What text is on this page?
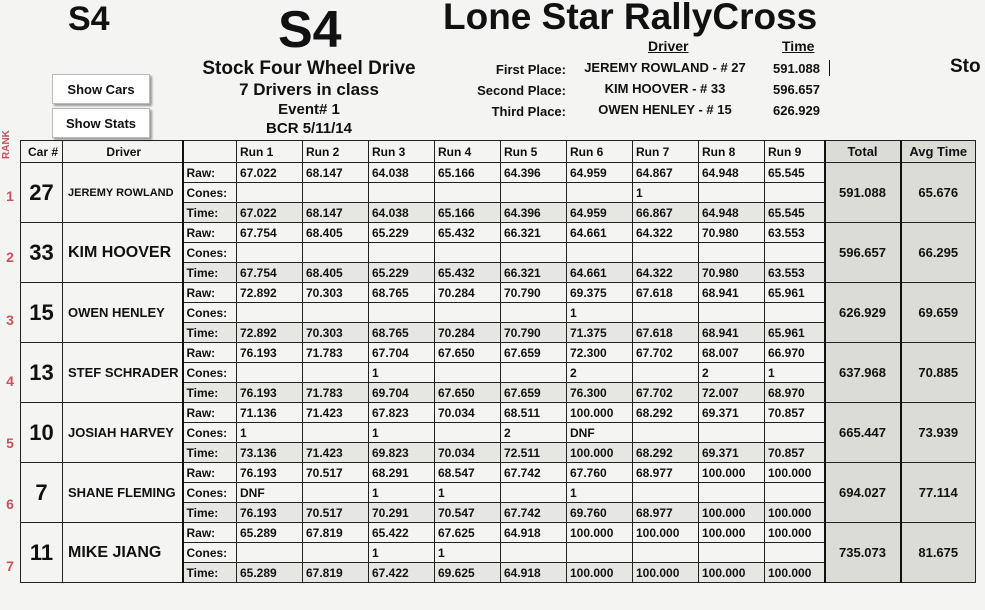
S4	S4	Lone Star RallyCross
Sto
Stock Four Wheel Drive
7 Drivers in class
Event# 1
BCR 5/11/14
Show Cars
Show Stats
Driver	Time
First Place:	JEREMY ROWLAND - # 27	591.088
Second Place:	KIM HOOVER - # 33	596.657
Third Place:	OWEN HENLEY - # 15	626.929
RANK
1
2
3
4
5
6
7
Car #	Driver		Run 1	Run 2	Run 3	Run 4	Run 5	Run 6	Run 7	Run 8	Run 9	Total	Avg Time
27	JEREMY ROWLAND	Raw:	67.022	68.147	64.038	65.166	64.396	64.959	64.867	64.948	65.545	591.088	65.676
		Cones:							1				
		Time:	67.022	68.147	64.038	65.166	64.396	64.959	66.867	64.948	65.545		
33	KIM HOOVER	Raw:	67.754	68.405	65.229	65.432	66.321	64.661	64.322	70.980	63.553	596.657	66.295
		Cones:											
		Time:	67.754	68.405	65.229	65.432	66.321	64.661	64.322	70.980	63.553		
15	OWEN HENLEY	Raw:	72.892	70.303	68.765	70.284	70.790	69.375	67.618	68.941	65.961	626.929	69.659
		Cones:						1					
		Time:	72.892	70.303	68.765	70.284	70.790	71.375	67.618	68.941	65.961		
13	STEF SCHRADER	Raw:	76.193	71.783	67.704	67.650	67.659	72.300	67.702	68.007	66.970	637.968	70.885
		Cones:			1			2		2	1		
		Time:	76.193	71.783	69.704	67.650	67.659	76.300	67.702	72.007	68.970		
10	JOSIAH HARVEY	Raw:	71.136	71.423	67.823	70.034	68.511	100.000	68.292	69.371	70.857	665.447	73.939
		Cones:	1		1		2	DNF					
		Time:	73.136	71.423	69.823	70.034	72.511	100.000	68.292	69.371	70.857		
7	SHANE FLEMING	Raw:	76.193	70.517	68.291	68.547	67.742	67.760	68.977	100.000	100.000	694.027	77.114
		Cones:	DNF		1	1		1					
		Time:	76.193	70.517	70.291	70.547	67.742	69.760	68.977	100.000	100.000		
11	MIKE JIANG	Raw:	65.289	67.819	65.422	67.625	64.918	100.000	100.000	100.000	100.000	735.073	81.675
		Cones:			1	1							
		Time:	65.289	67.819	67.422	69.625	64.918	100.000	100.000	100.000	100.000		
